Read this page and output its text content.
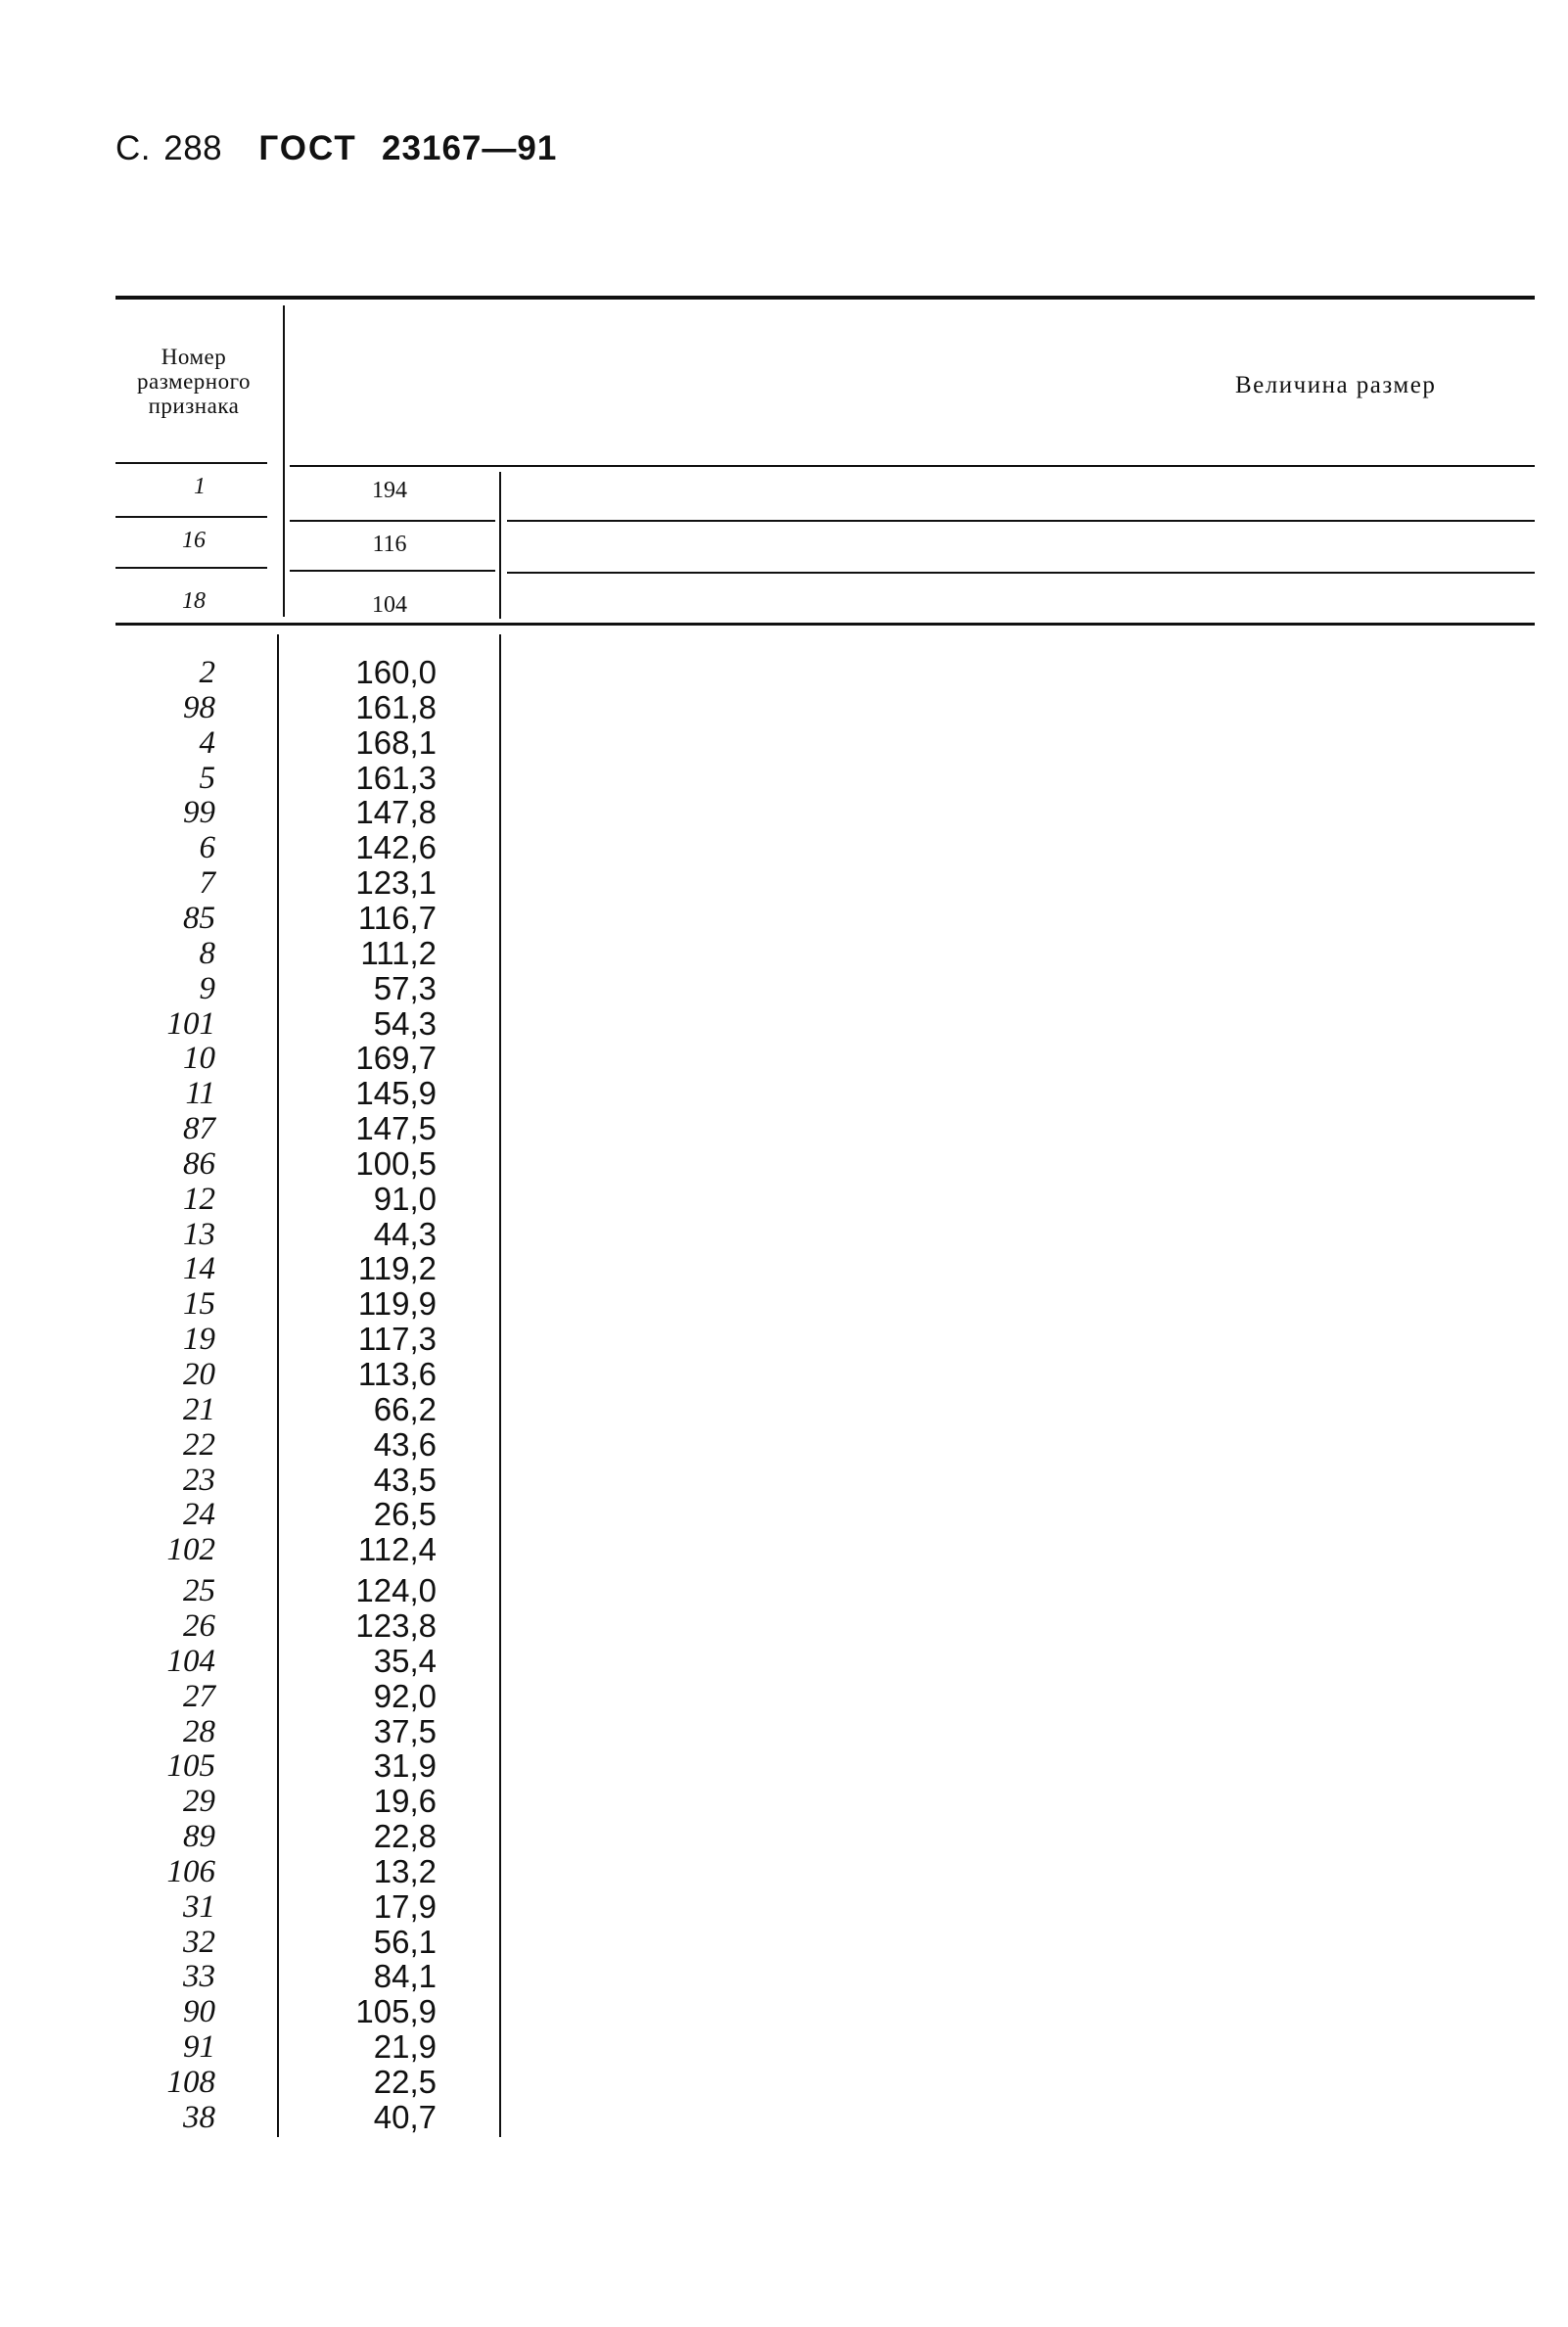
С. 288 ГОСТ 23167—91
Номер
размерного
признака
Величина размер
1	194
16	116
18	104
2	160,0
98	161,8
4	168,1
5	161,3
99	147,8
6	142,6
7	123,1
85	116,7
8	111,2
9	57,3
101	54,3
10	169,7
11	145,9
87	147,5
86	100,5
12	91,0
13	44,3
14	119,2
15	119,9
19	117,3
20	113,6
21	66,2
22	43,6
23	43,5
24	26,5
102	112,4
25	124,0
26	123,8
104	35,4
27	92,0
28	37,5
105	31,9
29	19,6
89	22,8
106	13,2
31	17,9
32	56,1
33	84,1
90	105,9
91	21,9
108	22,5
38	40,7
